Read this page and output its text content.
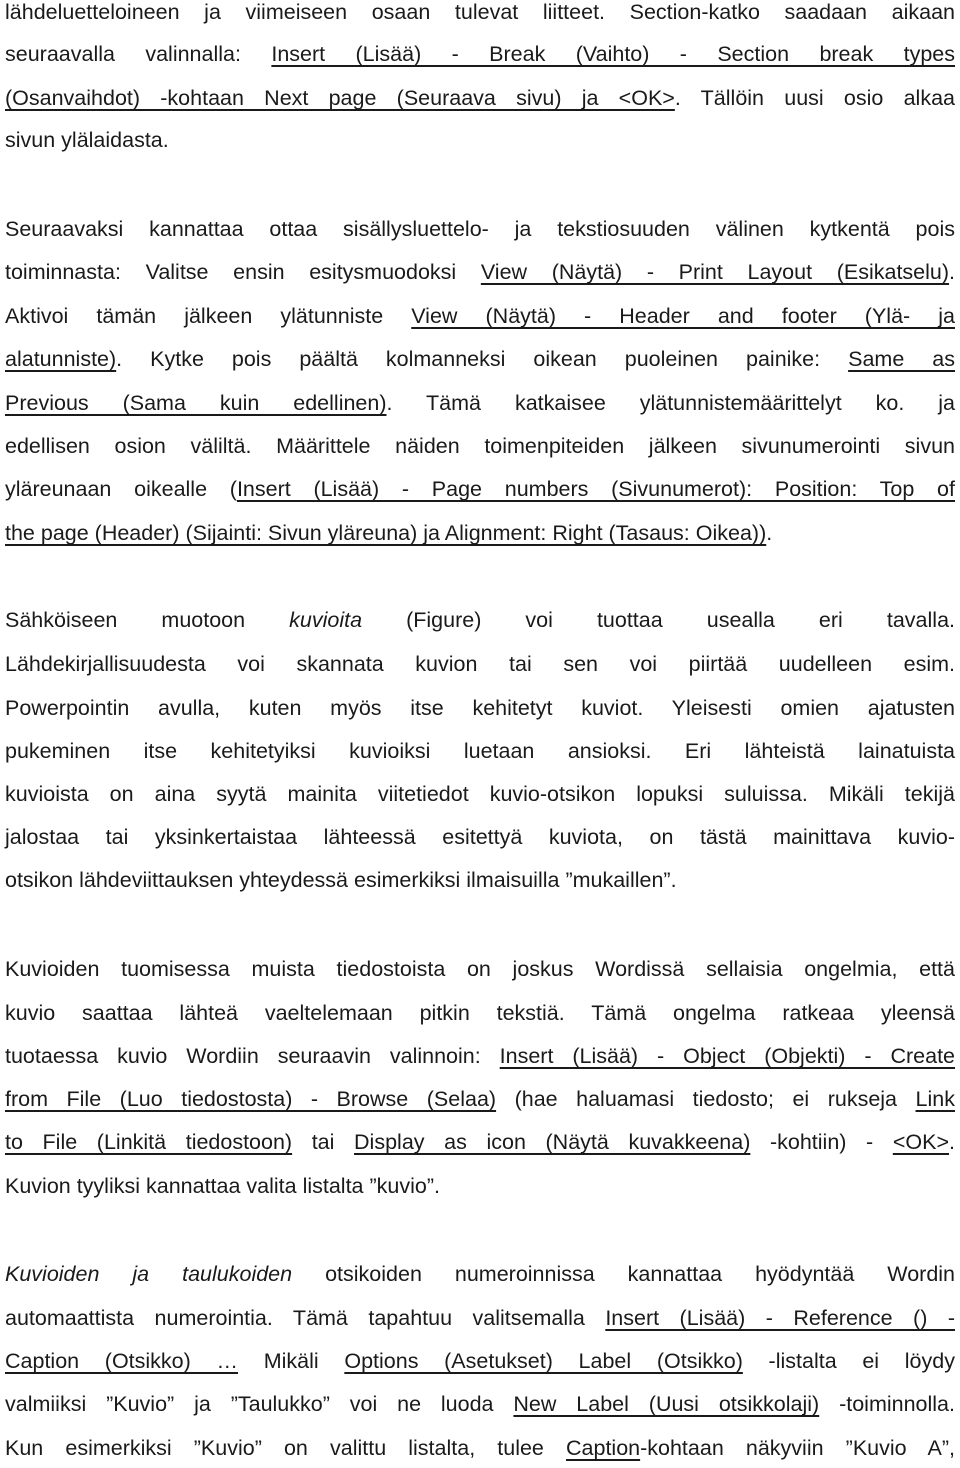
lähdeluetteloineen ja viimeiseen osaan tulevat liitteet. Section-katko saadaan aikaan
seuraavalla valinnalla: Insert (Lisää) - Break (Vaihto) - Section break types
(Osanvaihdot) -kohtaan Next page (Seuraava sivu) ja <OK>. Tällöin uusi osio alkaa
sivun ylälaidasta.
Seuraavaksi kannattaa ottaa sisällysluettelo- ja tekstiosuuden välinen kytkentä pois
toiminnasta: Valitse ensin esitysmuodoksi View (Näytä) - Print Layout (Esikatselu).
Aktivoi tämän jälkeen ylätunniste View (Näytä) - Header and footer (Ylä- ja
alatunniste). Kytke pois päältä kolmanneksi oikean puoleinen painike: Same as
Previous (Sama kuin edellinen). Tämä katkaisee ylätunnistemäärittelyt ko. ja
edellisen osion väliltä. Määrittele näiden toimenpiteiden jälkeen sivunumerointi sivun
yläreunaan oikealle (Insert (Lisää) - Page numbers (Sivunumerot): Position: Top of
the page (Header) (Sijainti: Sivun yläreuna) ja Alignment: Right (Tasaus: Oikea)).
Sähköiseen muotoon kuvioita (Figure) voi tuottaa usealla eri tavalla.
Lähdekirjallisuudesta voi skannata kuvion tai sen voi piirtää uudelleen esim.
Powerpointin avulla, kuten myös itse kehitetyt kuviot. Yleisesti omien ajatusten
pukeminen itse kehitetyiksi kuvioiksi luetaan ansioksi. Eri lähteistä lainatuista
kuvioista on aina syytä mainita viitetiedot kuvio-otsikon lopuksi suluissa. Mikäli tekijä
jalostaa tai yksinkertaistaa lähteessä esitettyä kuviota, on tästä mainittava kuvio-
otsikon lähdeviittauksen yhteydessä esimerkiksi ilmaisuilla ”mukaillen”.
Kuvioiden tuomisessa muista tiedostoista on joskus Wordissä sellaisia ongelmia, että
kuvio saattaa lähteä vaeltelemaan pitkin tekstiä. Tämä ongelma ratkeaa yleensä
tuotaessa kuvio Wordiin seuraavin valinnoin: Insert (Lisää) - Object (Objekti) - Create
from File (Luo tiedostosta) - Browse (Selaa) (hae haluamasi tiedosto; ei rukseja Link
to File (Linkitä tiedostoon) tai Display as icon (Näytä kuvakkeena) -kohtiin) - <OK>.
Kuvion tyyliksi kannattaa valita listalta ”kuvio”.
Kuvioiden ja taulukoiden otsikoiden numeroinnissa kannattaa hyödyntää Wordin
automaattista numerointia. Tämä tapahtuu valitsemalla Insert (Lisää) - Reference () -
Caption (Otsikko) … Mikäli Options (Asetukset) Label (Otsikko) -listalta ei löydy
valmiiksi ”Kuvio” ja ”Taulukko” voi ne luoda New Label (Uusi otsikkolaji) -toiminnolla.
Kun esimerkiksi ”Kuvio” on valittu listalta, tulee Caption-kohtaan näkyviin ”Kuvio A”,
